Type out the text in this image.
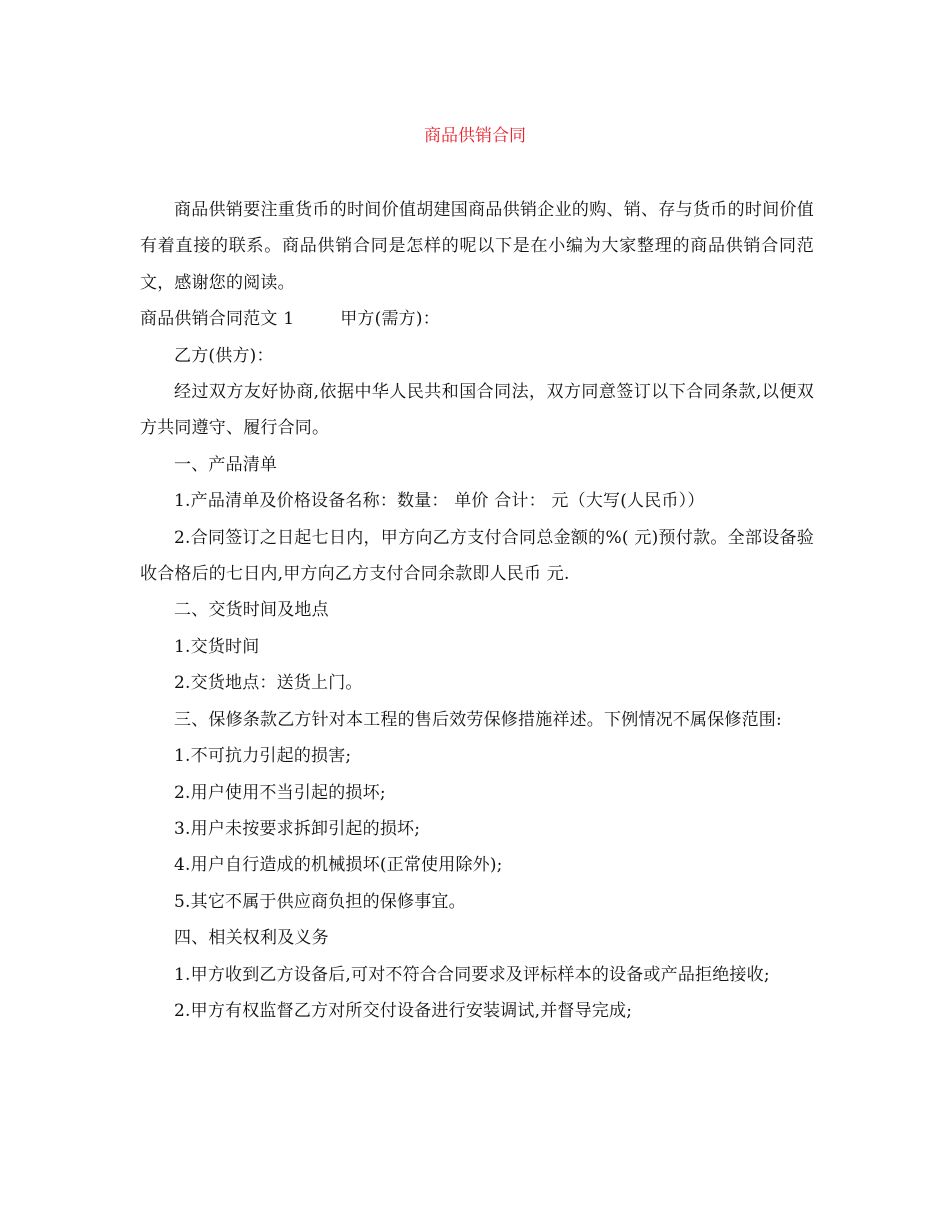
商品供销合同

商品供销要注重货币的时间价值胡建国商品供销企业的购、销、存与货币的时间价值有着直接的联系。商品供销合同是怎样的呢以下是在小编为大家整理的商品供销合同范文，感谢您的阅读。

商品供销合同范文 1	甲方(需方)：

乙方(供方)：

经过双方友好协商,依据中华人民共和国合同法，双方同意签订以下合同条款,以便双方共同遵守、履行合同。

一、产品清单

1.产品清单及价格设备名称：数量： 单价 合计： 元（大写(人民币））

2.合同签订之日起七日内，甲方向乙方支付合同总金额的%( 元)预付款。全部设备验收合格后的七日内,甲方向乙方支付合同余款即人民币 元.

二、交货时间及地点

1.交货时间

2.交货地点：送货上门。

三、保修条款乙方针对本工程的售后效劳保修措施祥述。下例情况不属保修范围:

1.不可抗力引起的损害;

2.用户使用不当引起的损坏;

3.用户未按要求拆卸引起的损坏;

4.用户自行造成的机械损坏(正常使用除外);

5.其它不属于供应商负担的保修事宜。

四、相关权利及义务

1.甲方收到乙方设备后,可对不符合合同要求及评标样本的设备或产品拒绝接收;

2.甲方有权监督乙方对所交付设备进行安装调试,并督导完成;
